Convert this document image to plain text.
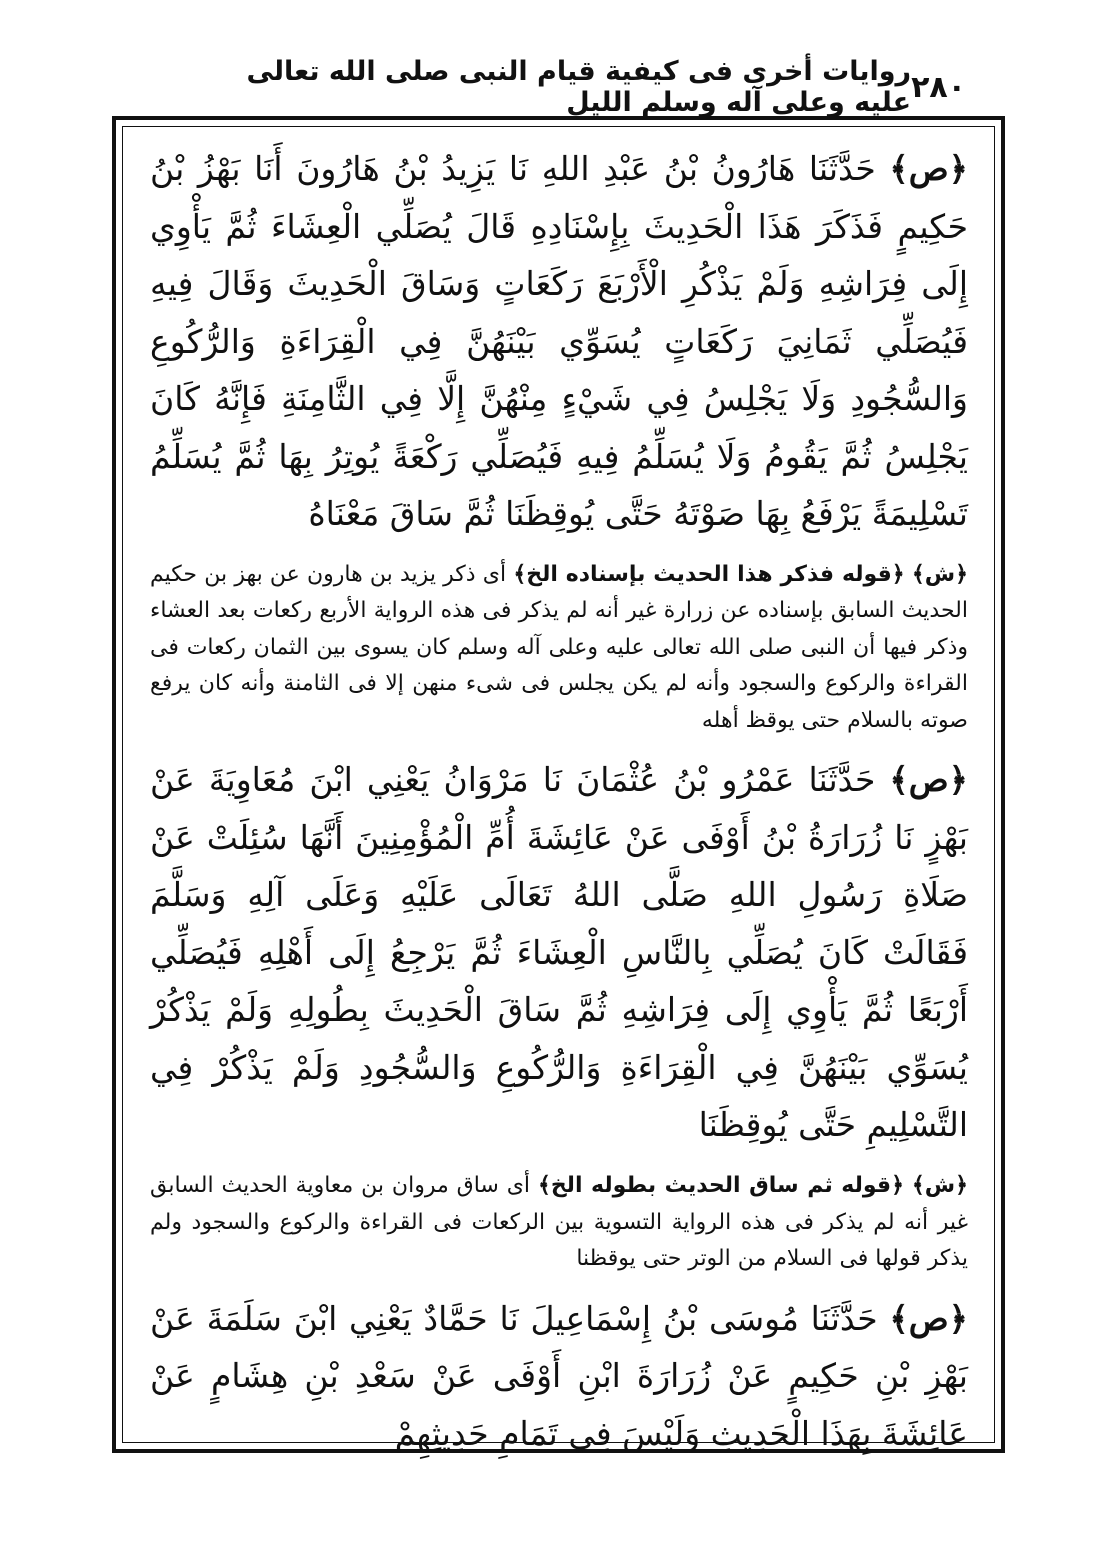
٢٨٠
روايات أخرى فى كيفية قيام النبى صلى الله تعالى عليه وعلى آله وسلم الليل

﴿ص﴾ حَدَّثَنَا هَارُونُ بْنُ عَبْدِ اللهِ نَا يَزِيدُ بْنُ هَارُونَ أَنَا بَهْزُ بْنُ حَكِيمٍ فَذَكَرَ هَذَا الْحَدِيثَ بِإِسْنَادِهِ قَالَ يُصَلِّي الْعِشَاءَ ثُمَّ يَأْوِي إِلَى فِرَاشِهِ وَلَمْ يَذْكُرِ الْأَرْبَعَ رَكَعَاتٍ وَسَاقَ الْحَدِيثَ وَقَالَ فِيهِ فَيُصَلِّي ثَمَانِيَ رَكَعَاتٍ يُسَوِّي بَيْنَهُنَّ فِي الْقِرَاءَةِ وَالرُّكُوعِ وَالسُّجُودِ وَلَا يَجْلِسُ فِي شَيْءٍ مِنْهُنَّ إِلَّا فِي الثَّامِنَةِ فَإِنَّهُ كَانَ يَجْلِسُ ثُمَّ يَقُومُ وَلَا يُسَلِّمُ فِيهِ فَيُصَلِّي رَكْعَةً يُوتِرُ بِهَا ثُمَّ يُسَلِّمُ تَسْلِيمَةً يَرْفَعُ بِهَا صَوْتَهُ حَتَّى يُوقِظَنَا ثُمَّ سَاقَ مَعْنَاهُ

﴿ش﴾ ﴿قوله فذكر هذا الحديث بإسناده الخ﴾ أى ذكر يزيد بن هارون عن بهز بن حكيم الحديث السابق بإسناده عن زرارة غير أنه لم يذكر فى هذه الرواية الأربع ركعات بعد العشاء وذكر فيها أن النبى صلى الله تعالى عليه وعلى آله وسلم كان يسوى بين الثمان ركعات فى القراءة والركوع والسجود وأنه لم يكن يجلس فى شىء منهن إلا فى الثامنة وأنه كان يرفع صوته بالسلام حتى يوقظ أهله

﴿ص﴾ حَدَّثَنَا عَمْرُو بْنُ عُثْمَانَ نَا مَرْوَانُ يَعْنِي ابْنَ مُعَاوِيَةَ عَنْ بَهْزٍ نَا زُرَارَةُ بْنُ أَوْفَى عَنْ عَائِشَةَ أُمِّ الْمُؤْمِنِينَ أَنَّهَا سُئِلَتْ عَنْ صَلَاةِ رَسُولِ اللهِ صَلَّى اللهُ تَعَالَى عَلَيْهِ وَعَلَى آلِهِ وَسَلَّمَ فَقَالَتْ كَانَ يُصَلِّي بِالنَّاسِ الْعِشَاءَ ثُمَّ يَرْجِعُ إِلَى أَهْلِهِ فَيُصَلِّي أَرْبَعًا ثُمَّ يَأْوِي إِلَى فِرَاشِهِ ثُمَّ سَاقَ الْحَدِيثَ بِطُولِهِ وَلَمْ يَذْكُرْ يُسَوِّي بَيْنَهُنَّ فِي الْقِرَاءَةِ وَالرُّكُوعِ وَالسُّجُودِ وَلَمْ يَذْكُرْ فِي التَّسْلِيمِ حَتَّى يُوقِظَنَا

﴿ش﴾ ﴿قوله ثم ساق الحديث بطوله الخ﴾ أى ساق مروان بن معاوية الحديث السابق غير أنه لم يذكر فى هذه الرواية التسوية بين الركعات فى القراءة والركوع والسجود ولم يذكر قولها فى السلام من الوتر حتى يوقظنا

﴿ص﴾ حَدَّثَنَا مُوسَى بْنُ إِسْمَاعِيلَ نَا حَمَّادٌ يَعْنِي ابْنَ سَلَمَةَ عَنْ بَهْزِ بْنِ حَكِيمٍ عَنْ زُرَارَةَ ابْنِ أَوْفَى عَنْ سَعْدِ بْنِ هِشَامٍ عَنْ عَائِشَةَ بِهَذَا الْحَدِيثِ وَلَيْسَ فِي تَمَامِ حَدِيثِهِمْ
